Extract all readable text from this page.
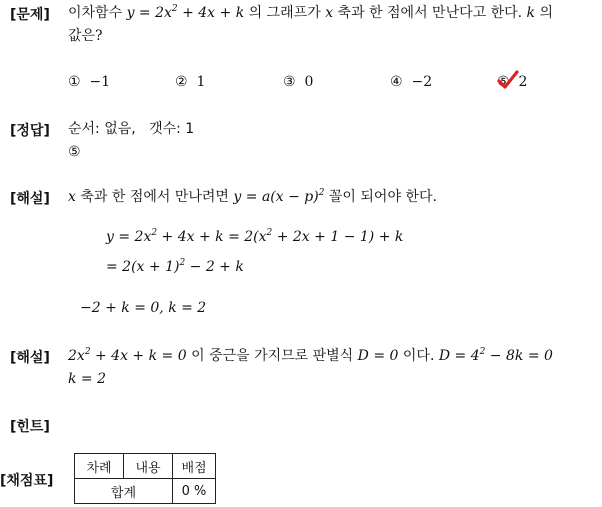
[문제] 이차함수 $y = 2x^2 + 4x + k$ 의 그래프가 x 축과 한 점에서 만난다고 한다. k 의
값은?
① −1	② 1	③ 0	④ −2	⑤ 2
[정답] 순서: 없음,   갯수: 1
⑤
[해설] x 축과 한 점에서 만나려면 $y = a(x - p)^2$ 꼴이 되어야 한다.
$y = 2x^2 + 4x + k = 2(x^2 + 2x + 1 - 1) + k$
= $2(x + 1)^2 - 2 + k$
−2 + k = 0, k = 2
[해설] $2x^2 + 4x + k = 0$ 이 중근을 가지므로 판별식 D = 0 이다. $D = 4^2 - 8k = 0$
k = 2
[힌트]
[채점표]
차례	내용	배점
합계		0 %
